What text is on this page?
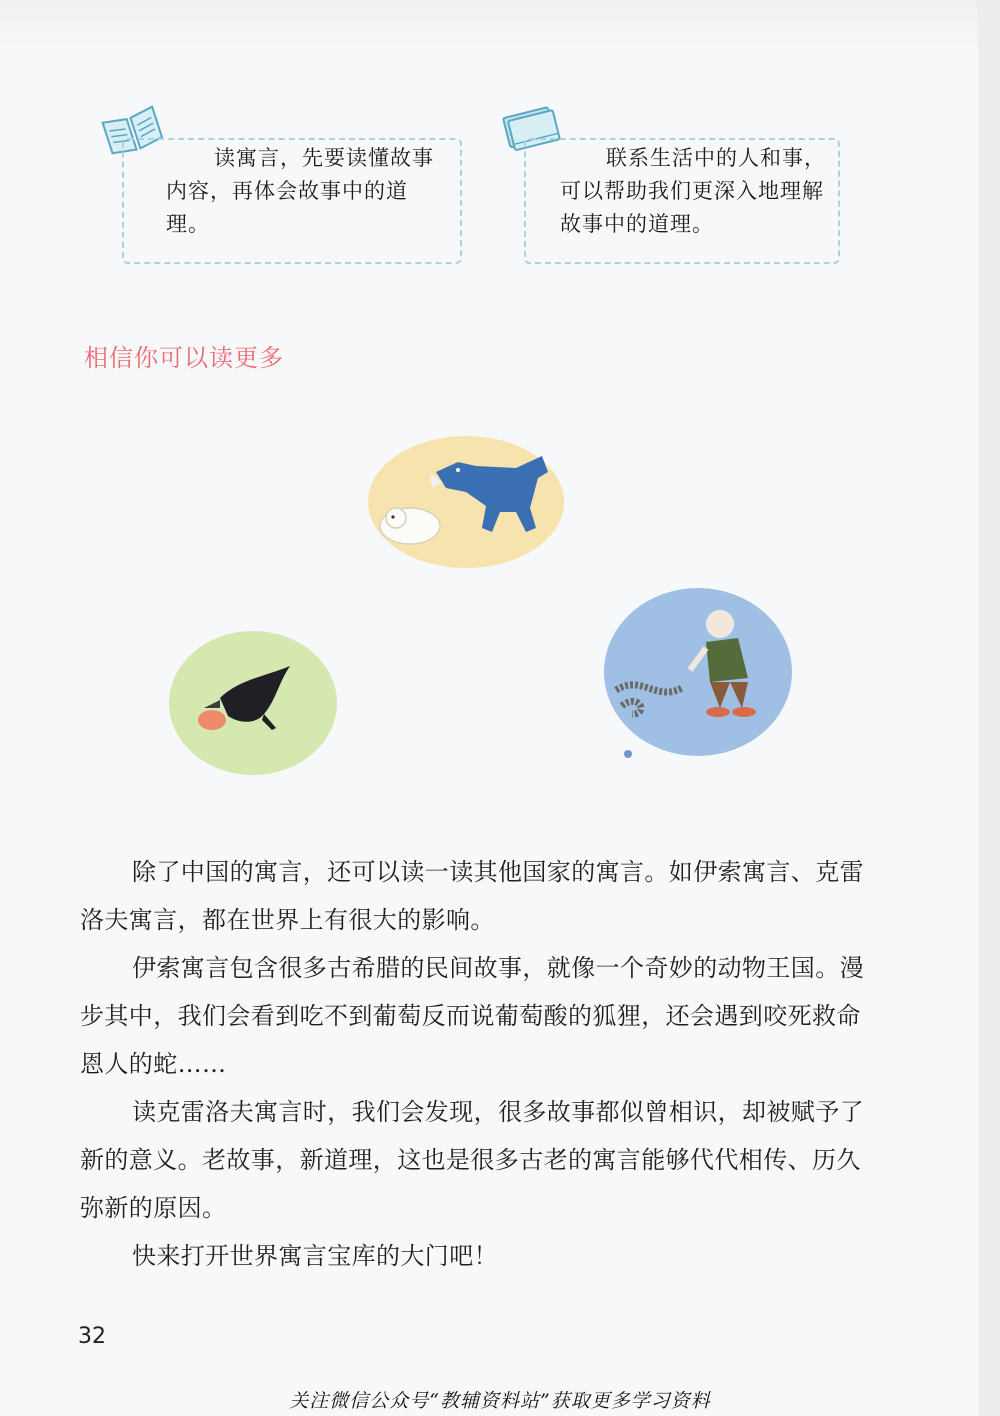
读寓言，先要读懂故事内容，再体会故事中的道理。
联系生活中的人和事，可以帮助我们更深入地理解故事中的道理。
相信你可以读更多

除了中国的寓言，还可以读一读其他国家的寓言。如伊索寓言、克雷洛夫寓言，都在世界上有很大的影响。

伊索寓言包含很多古希腊的民间故事，就像一个奇妙的动物王国。漫步其中，我们会看到吃不到葡萄反而说葡萄酸的狐狸，还会遇到咬死救命恩人的蛇……

读克雷洛夫寓言时，我们会发现，很多故事都似曾相识，却被赋予了新的意义。老故事，新道理，这也是很多古老的寓言能够代代相传、历久弥新的原因。

快来打开世界寓言宝库的大门吧！

32
关注微信公众号“教辅资料站”获取更多学习资料
